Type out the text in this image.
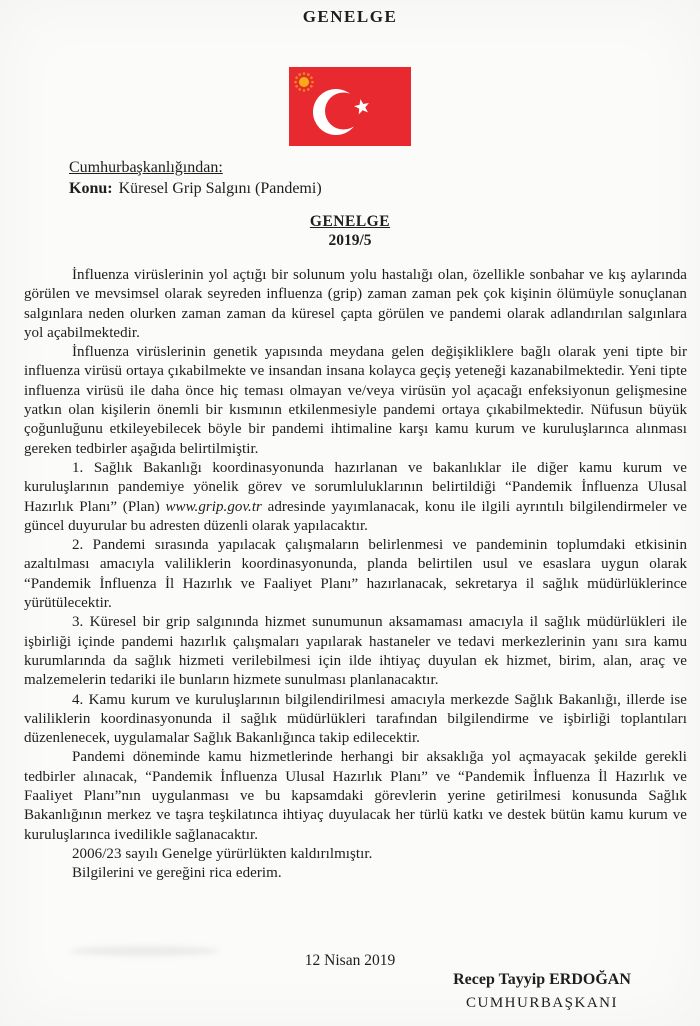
GENELGE

Cumhurbaşkanlığından:

Konu: Küresel Grip Salgını (Pandemi)

GENELGE
2019/5

İnfluenza virüslerinin yol açtığı bir solunum yolu hastalığı olan, özellikle sonbahar ve kış aylarında görülen ve mevsimsel olarak seyreden influenza (grip) zaman zaman pek çok kişinin ölümüyle sonuçlanan salgınlara neden olurken zaman zaman da küresel çapta görülen ve pandemi olarak adlandırılan salgınlara yol açabilmektedir.

İnfluenza virüslerinin genetik yapısında meydana gelen değişikliklere bağlı olarak yeni tipte bir influenza virüsü ortaya çıkabilmekte ve insandan insana kolayca geçiş yeteneği kazanabilmektedir. Yeni tipte influenza virüsü ile daha önce hiç teması olmayan ve/veya virüsün yol açacağı enfeksiyonun gelişmesine yatkın olan kişilerin önemli bir kısmının etkilenmesiyle pandemi ortaya çıkabilmektedir. Nüfusun büyük çoğunluğunu etkileyebilecek böyle bir pandemi ihtimaline karşı kamu kurum ve kuruluşlarınca alınması gereken tedbirler aşağıda belirtilmiştir.

1. Sağlık Bakanlığı koordinasyonunda hazırlanan ve bakanlıklar ile diğer kamu kurum ve kuruluşlarının pandemiye yönelik görev ve sorumluluklarının belirtildiği “Pandemik İnfluenza Ulusal Hazırlık Planı” (Plan) www.grip.gov.tr adresinde yayımlanacak, konu ile ilgili ayrıntılı bilgilendirmeler ve güncel duyurular bu adresten düzenli olarak yapılacaktır.

2. Pandemi sırasında yapılacak çalışmaların belirlenmesi ve pandeminin toplumdaki etkisinin azaltılması amacıyla valiliklerin koordinasyonunda, planda belirtilen usul ve esaslara uygun olarak “Pandemik İnfluenza İl Hazırlık ve Faaliyet Planı” hazırlanacak, sekretarya il sağlık müdürlüklerince yürütülecektir.

3. Küresel bir grip salgınında hizmet sunumunun aksamaması amacıyla il sağlık müdürlükleri ile işbirliği içinde pandemi hazırlık çalışmaları yapılarak hastaneler ve tedavi merkezlerinin yanı sıra kamu kurumlarında da sağlık hizmeti verilebilmesi için ilde ihtiyaç duyulan ek hizmet, birim, alan, araç ve malzemelerin tedariki ile bunların hizmete sunulması planlanacaktır.

4. Kamu kurum ve kuruluşlarının bilgilendirilmesi amacıyla merkezde Sağlık Bakanlığı, illerde ise valiliklerin koordinasyonunda il sağlık müdürlükleri tarafından bilgilendirme ve işbirliği toplantıları düzenlenecek, uygulamalar Sağlık Bakanlığınca takip edilecektir.

Pandemi döneminde kamu hizmetlerinde herhangi bir aksaklığa yol açmayacak şekilde gerekli tedbirler alınacak, “Pandemik İnfluenza Ulusal Hazırlık Planı” ve “Pandemik İnfluenza İl Hazırlık ve Faaliyet Planı”nın uygulanması ve bu kapsamdaki görevlerin yerine getirilmesi konusunda Sağlık Bakanlığının merkez ve taşra teşkilatınca ihtiyaç duyulacak her türlü katkı ve destek bütün kamu kurum ve kuruluşlarınca ivedilikle sağlanacaktır.

2006/23 sayılı Genelge yürürlükten kaldırılmıştır.

Bilgilerini ve gereğini rica ederim.

12 Nisan 2019

Recep Tayyip ERDOĞAN

CUMHURBAŞKANI
